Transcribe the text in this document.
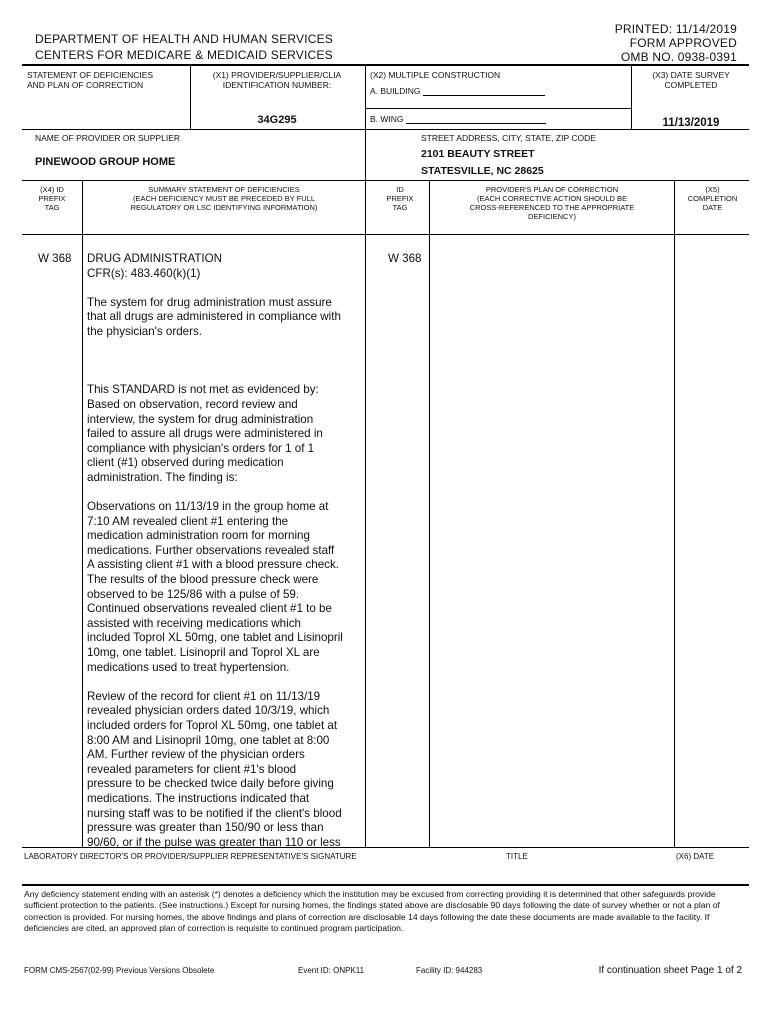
DEPARTMENT OF HEALTH AND HUMAN SERVICES
CENTERS FOR MEDICARE & MEDICAID SERVICES
PRINTED: 11/14/2019
FORM APPROVED
OMB NO. 0938-0391
STATEMENT OF DEFICIENCIES
AND PLAN OF CORRECTION
(X1) PROVIDER/SUPPLIER/CLIA
IDENTIFICATION NUMBER:
34G295
(X2) MULTIPLE CONSTRUCTION
A. BUILDING
B. WING
(X3) DATE SURVEY
COMPLETED
11/13/2019
NAME OF PROVIDER OR SUPPLIER
PINEWOOD GROUP HOME
STREET ADDRESS, CITY, STATE, ZIP CODE
2101 BEAUTY STREET
STATESVILLE, NC 28625
(X4) ID
PREFIX
TAG
SUMMARY STATEMENT OF DEFICIENCIES
(EACH DEFICIENCY MUST BE PRECEDED BY FULL
REGULATORY OR LSC IDENTIFYING INFORMATION)
ID
PREFIX
TAG
PROVIDER'S PLAN OF CORRECTION
(EACH CORRECTIVE ACTION SHOULD BE
CROSS-REFERENCED TO THE APPROPRIATE
DEFICIENCY)
(X5)
COMPLETION
DATE
W 368	W 368

DRUG ADMINISTRATION
CFR(s): 483.460(k)(1)

The system for drug administration must assure
that all drugs are administered in compliance with
the physician's orders.

This STANDARD is not met as evidenced by:
Based on observation, record review and
interview, the system for drug administration
failed to assure all drugs were administered in
compliance with physician's orders for 1 of 1
client (#1) observed during medication
administration. The finding is:

Observations on 11/13/19 in the group home at
7:10 AM revealed client #1 entering the
medication administration room for morning
medications. Further observations revealed staff
A assisting client #1 with a blood pressure check.
The results of the blood pressure check were
observed to be 125/86 with a pulse of 59.
Continued observations revealed client #1 to be
assisted with receiving medications which
included Toprol XL 50mg, one tablet and Lisinopril
10mg, one tablet. Lisinopril and Toprol XL are
medications used to treat hypertension.

Review of the record for client #1 on 11/13/19
revealed physician orders dated 10/3/19, which
included orders for Toprol XL 50mg, one tablet at
8:00 AM and Lisinopril 10mg, one tablet at 8:00
AM. Further review of the physician orders
revealed parameters for client #1's blood
pressure to be checked twice daily before giving
medications. The instructions indicated that
nursing staff was to be notified if the client's blood
pressure was greater than 150/90 or less than
90/60, or if the pulse was greater than 110 or less

LABORATORY DIRECTOR'S OR PROVIDER/SUPPLIER REPRESENTATIVE'S SIGNATURE	TITLE	(X6) DATE
Any deficiency statement ending with an asterisk (*) denotes a deficiency which the institution may be excused from correcting providing it is determined that other safeguards provide sufficient protection to the patients. (See instructions.) Except for nursing homes, the findings stated above are disclosable 90 days following the date of survey whether or not a plan of correction is provided. For nursing homes, the above findings and plans of correction are disclosable 14 days following the date these documents are made available to the facility. If deficiencies are cited, an approved plan of correction is requisite to continued program participation.
FORM CMS-2567(02-99) Previous Versions Obsolete	Event ID: ONPK11	Facility ID: 944283	If continuation sheet Page 1 of 2
